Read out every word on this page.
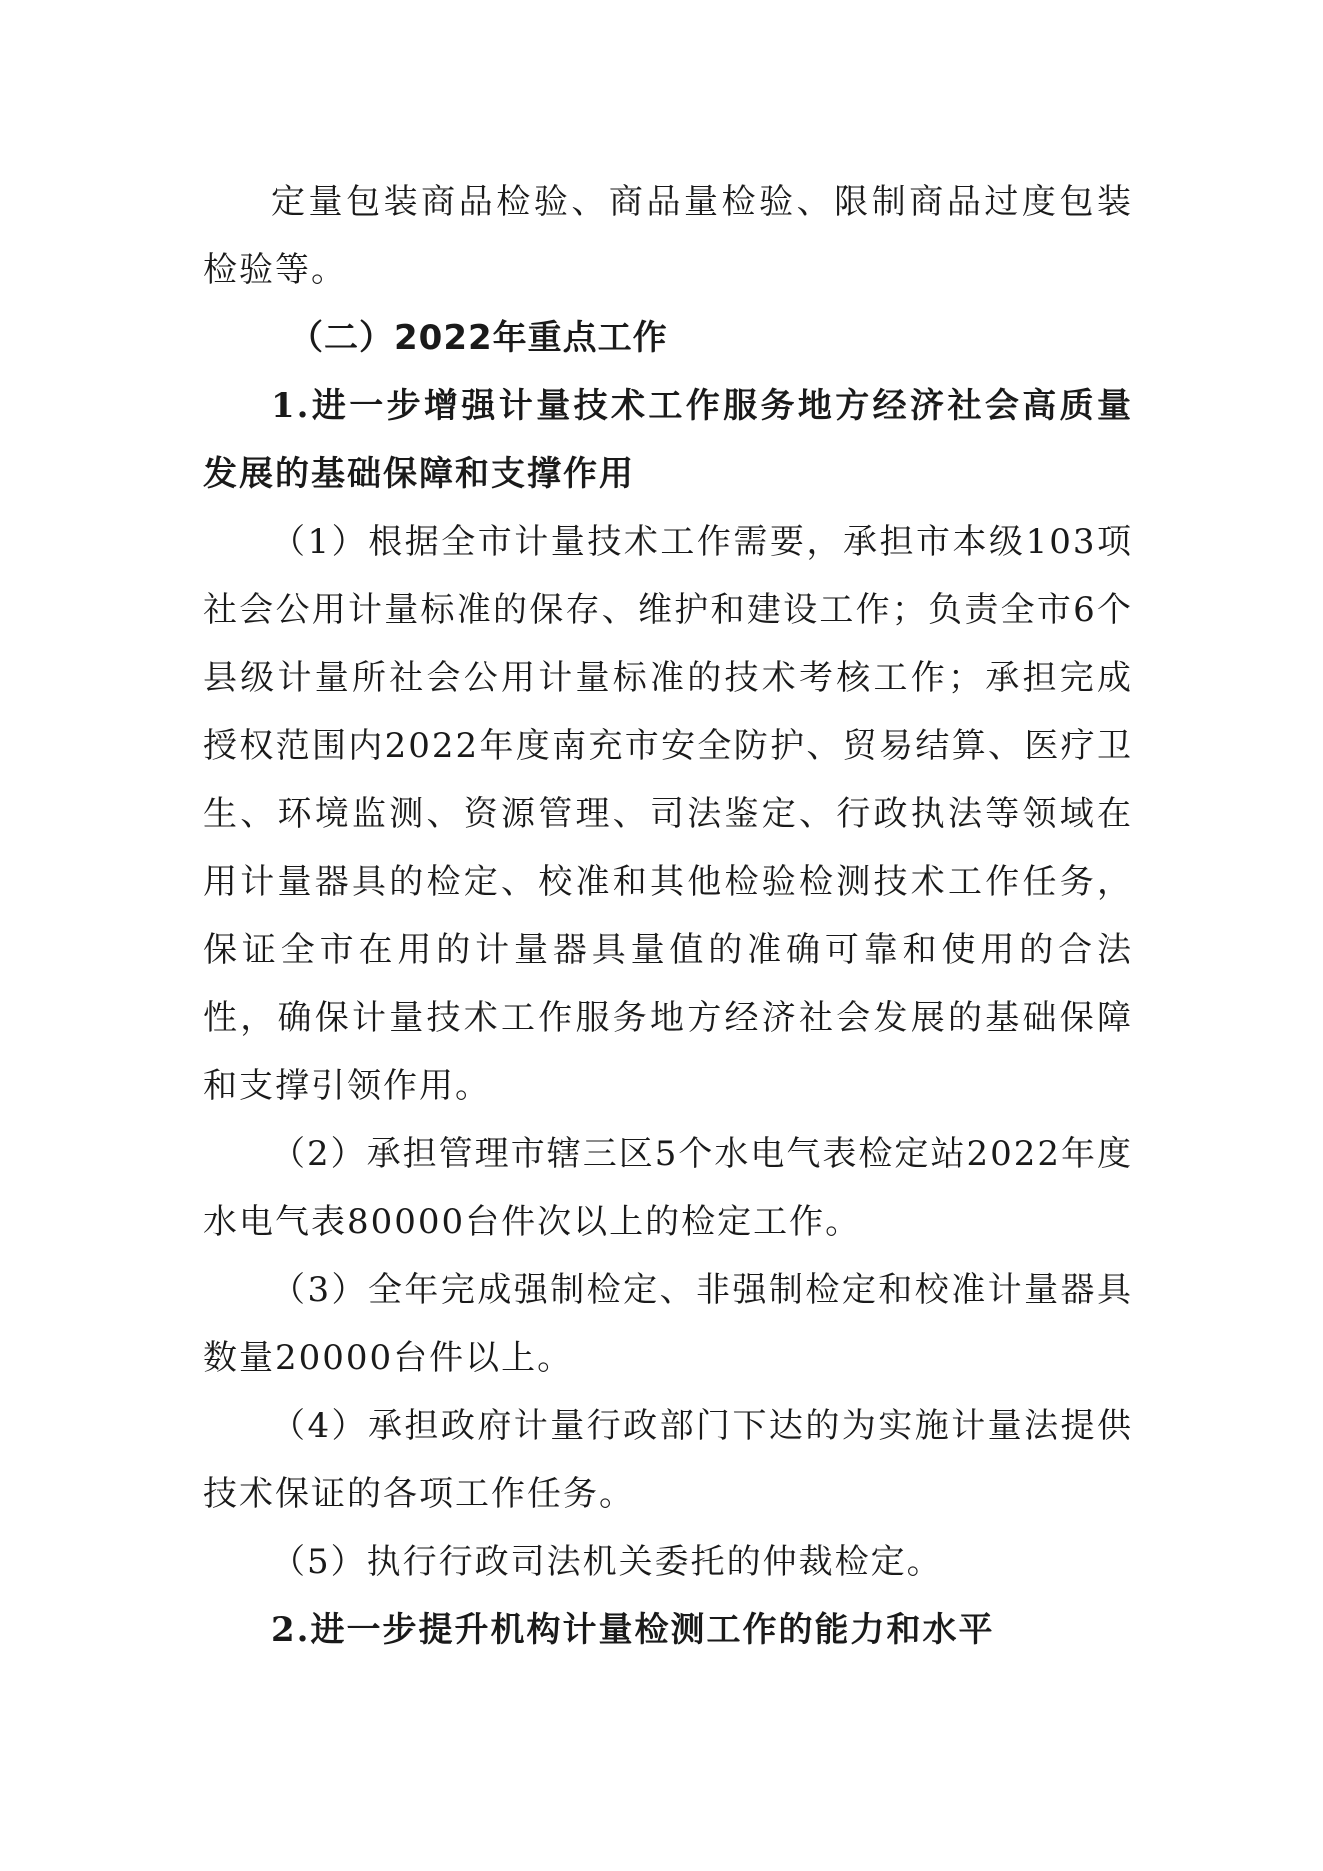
定量包装商品检验、商品量检验、限制商品过度包装检验等。

（二）2022年重点工作

1.进一步增强计量技术工作服务地方经济社会高质量发展的基础保障和支撑作用

（1）根据全市计量技术工作需要，承担市本级103项社会公用计量标准的保存、维护和建设工作；负责全市6个县级计量所社会公用计量标准的技术考核工作；承担完成授权范围内2022年度南充市安全防护、贸易结算、医疗卫生、环境监测、资源管理、司法鉴定、行政执法等领域在用计量器具的检定、校准和其他检验检测技术工作任务，保证全市在用的计量器具量值的准确可靠和使用的合法性，确保计量技术工作服务地方经济社会发展的基础保障和支撑引领作用。

（2）承担管理市辖三区5个水电气表检定站2022年度水电气表80000台件次以上的检定工作。

（3）全年完成强制检定、非强制检定和校准计量器具数量20000台件以上。

（4）承担政府计量行政部门下达的为实施计量法提供技术保证的各项工作任务。

（5）执行行政司法机关委托的仲裁检定。

2.进一步提升机构计量检测工作的能力和水平
